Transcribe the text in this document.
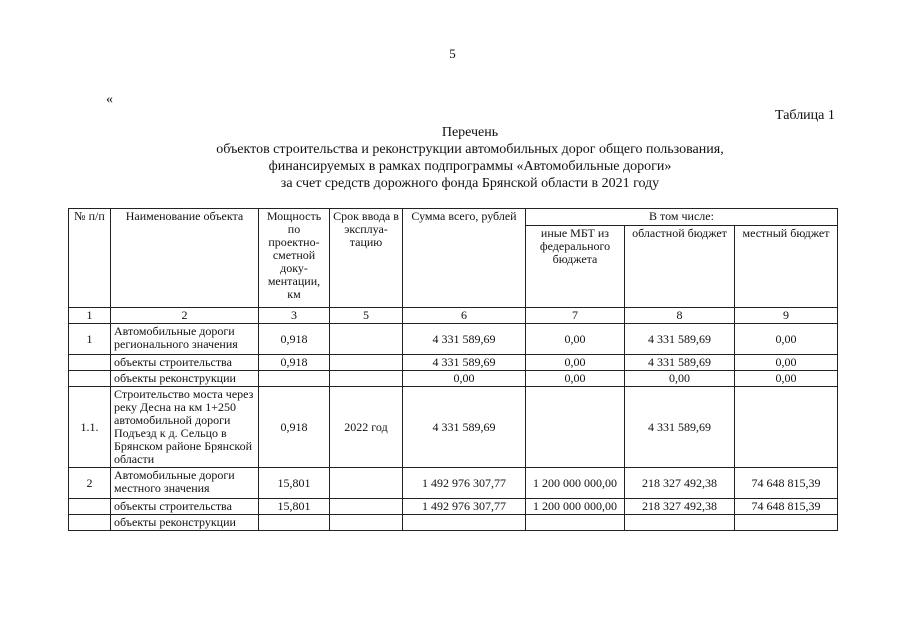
5
«
Таблица 1
Перечень
объектов строительства и реконструкции автомобильных дорог общего пользования,
финансируемых в рамках подпрограммы «Автомобильные дороги»
за счет средств дорожного фонда Брянской области в 2021 году
№ п/п	Наименование объекта	Мощность по проектно-сметной доку-ментации, км	Срок ввода в эксплуа-тацию	Сумма всего, рублей	В том числе:		
					иные МБТ из федерального бюджета	областной бюджет	местный бюджет
1	2	3	5	6	7	8	9
1	Автомобильные дороги регионального значения	0,918		4 331 589,69	0,00	4 331 589,69	0,00
	объекты строительства	0,918		4 331 589,69	0,00	4 331 589,69	0,00
	объекты реконструкции			0,00	0,00	0,00	0,00
1.1.	Строительство моста через реку Десна на км 1+250 автомобильной дороги Подъезд к д. Сельцо в Брянском районе Брянской области	0,918	2022 год	4 331 589,69		4 331 589,69	
2	Автомобильные дороги местного значения	15,801		1 492 976 307,77	1 200 000 000,00	218 327 492,38	74 648 815,39
	объекты строительства	15,801		1 492 976 307,77	1 200 000 000,00	218 327 492,38	74 648 815,39
	объекты реконструкции						
